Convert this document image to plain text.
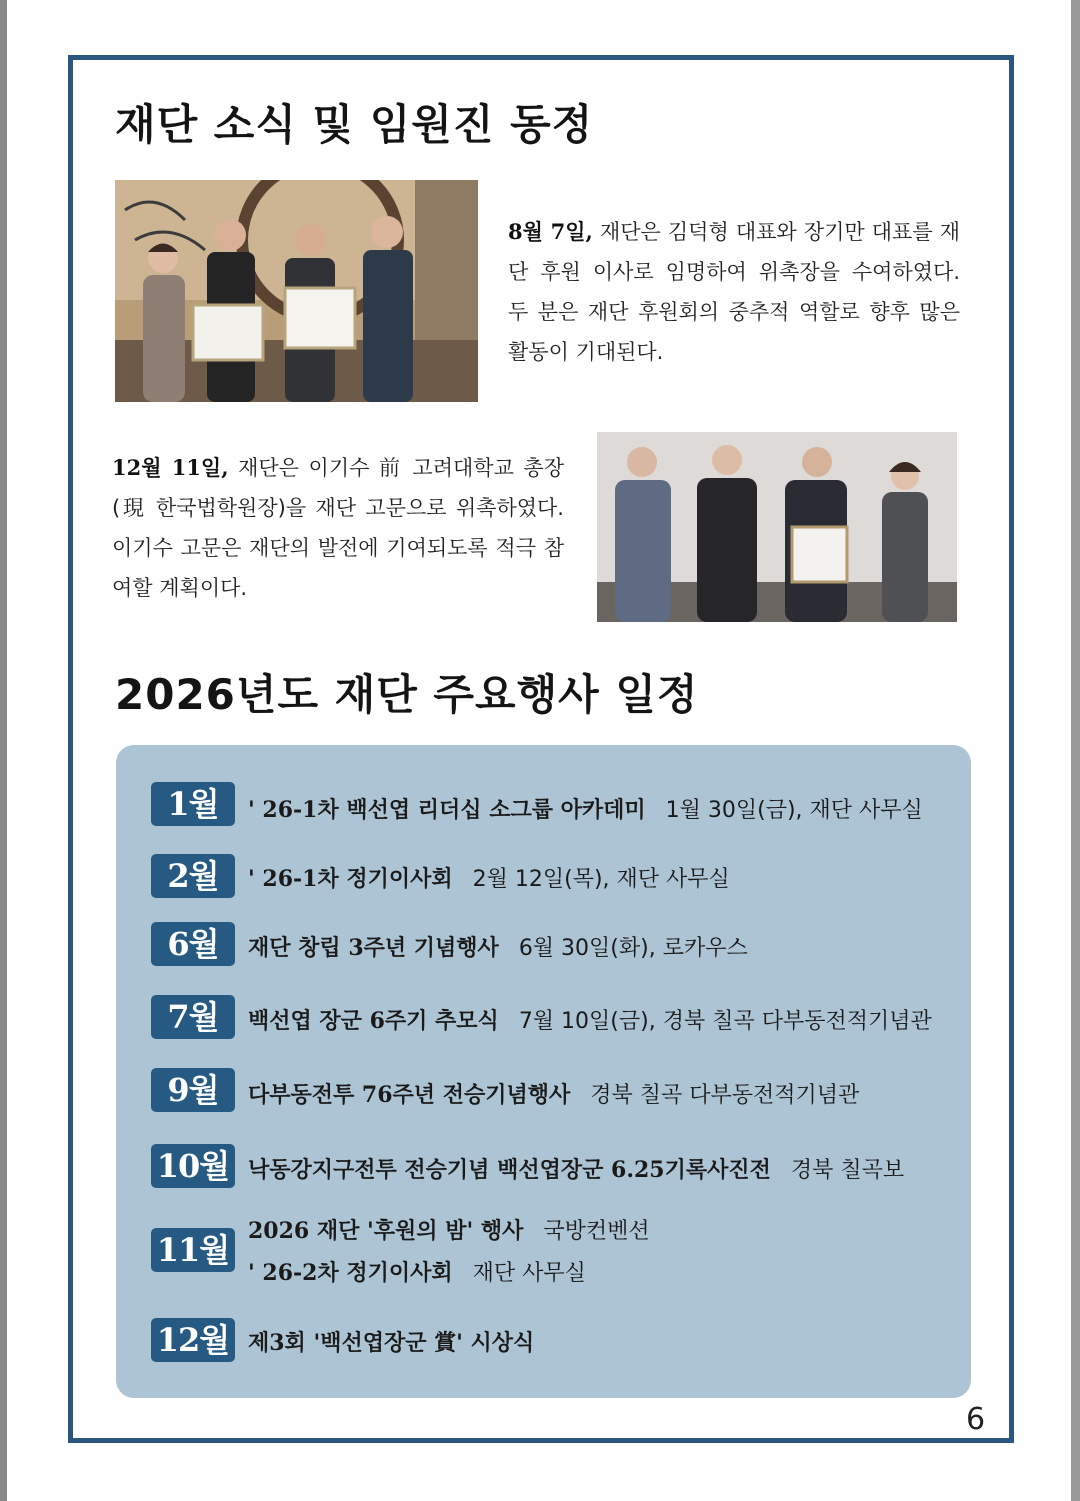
재단 소식 및 임원진 동정
8월 7일, 재단은 김덕형 대표와 장기만 대표를 재단 후원 이사로 임명하여 위촉장을 수여하였다. 두 분은 재단 후원회의 중추적 역할로 향후 많은 활동이 기대된다.
12월 11일, 재단은 이기수 前 고려대학교 총장(現 한국법학원장)을 재단 고문으로 위촉하였다. 이기수 고문은 재단의 발전에 기여되도록 적극 참여할 계획이다.
2026년도 재단 주요행사 일정
1월	' 26-1차 백선엽 리더십 소그룹 아카데미 1월 30일(금), 재단 사무실
2월	' 26-1차 정기이사회 2월 12일(목), 재단 사무실
6월	재단 창립 3주년 기념행사 6월 30일(화), 로카우스
7월	백선엽 장군 6주기 추모식 7월 10일(금), 경북 칠곡 다부동전적기념관
9월	다부동전투 76주년 전승기념행사 경북 칠곡 다부동전적기념관
10월 낙동강지구전투 전승기념 백선엽장군 6.25기록사진전 경북 칠곡보
11월 2026 재단 '후원의 밤' 행사 국방컨벤션
' 26-2차 정기이사회 재단 사무실
12월 제3회 '백선엽장군 賞' 시상식
6
